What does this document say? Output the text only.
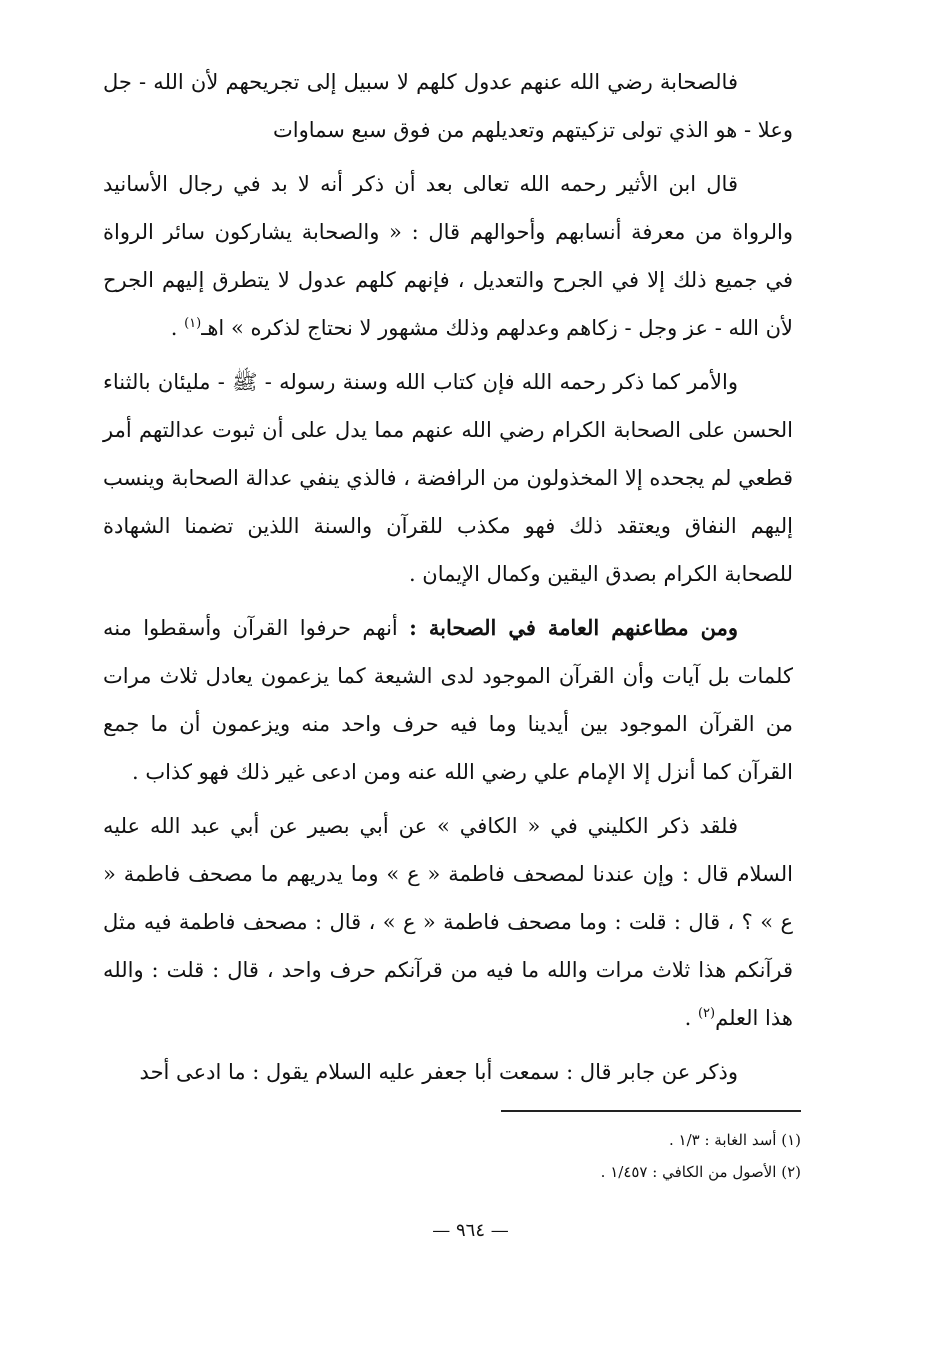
فالصحابة رضي الله عنهم عدول كلهم لا سبيل إلى تجريحهم لأن الله - جل وعلا - هو الذي تولى تزكيتهم وتعديلهم من فوق سبع سماوات

قال ابن الأثير رحمه الله تعالى بعد أن ذكر أنه لا بد في رجال الأسانيد والرواة من معرفة أنسابهم وأحوالهم قال : « والصحابة يشاركون سائر الرواة في جميع ذلك إلا في الجرح والتعديل ، فإنهم كلهم عدول لا يتطرق إليهم الجرح لأن الله - عز وجل - زكاهم وعدلهم وذلك مشهور لا نحتاج لذكره » اهـ$^{(١)}$ .

والأمر كما ذكر رحمه الله فإن كتاب الله وسنة رسوله - ﷺ - مليئان بالثناء الحسن على الصحابة الكرام رضي الله عنهم مما يدل على أن ثبوت عدالتهم أمر قطعي لم يجحده إلا المخذولون من الرافضة ، فالذي ينفي عدالة الصحابة وينسب إليهم النفاق ويعتقد ذلك فهو مكذب للقرآن والسنة اللذين تضمنا الشهادة للصحابة الكرام بصدق اليقين وكمال الإيمان .

ومن مطاعنهم العامة في الصحابة : أنهم حرفوا القرآن وأسقطوا منه كلمات بل آيات وأن القرآن الموجود لدى الشيعة كما يزعمون يعادل ثلاث مرات من القرآن الموجود بين أيدينا وما فيه حرف واحد منه ويزعمون أن ما جمع القرآن كما أنزل إلا الإمام علي رضي الله عنه ومن ادعى غير ذلك فهو كذاب .

فلقد ذكر الكليني في « الكافي » عن أبي بصير عن أبي عبد الله عليه السلام قال : وإن عندنا لمصحف فاطمة « ع » وما يدريهم ما مصحف فاطمة « ع » ؟ ، قال : قلت : وما مصحف فاطمة « ع » ، قال : مصحف فاطمة فيه مثل قرآنكم هذا ثلاث مرات والله ما فيه من قرآنكم حرف واحد ، قال : قلت : والله هذا العلم$^{(٢)}$ .

وذكر عن جابر قال : سمعت أبا جعفر عليه السلام يقول : ما ادعى أحد

(١) أسد الغابة : ١/٣ .
(٢) الأصول من الكافي : ١/٤٥٧ .
— ٩٦٤ —
